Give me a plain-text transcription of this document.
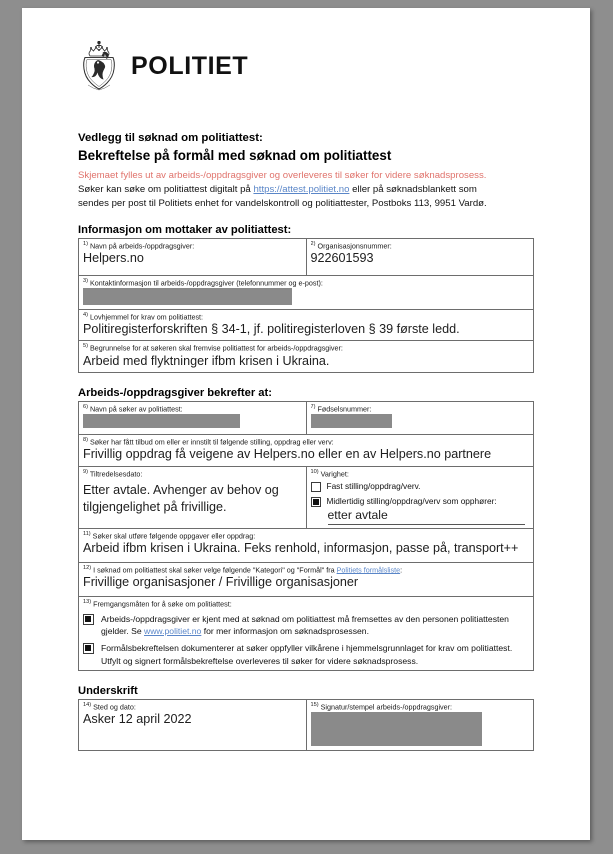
POLITIET
Vedlegg til søknad om politiattest:
Bekreftelse på formål med søknad om politiattest
Skjemaet fylles ut av arbeids-/oppdragsgiver og overleveres til søker for videre søknadsprosess.
Søker kan søke om politiattest digitalt på https://attest.politiet.no eller på søknadsblankett som
sendes per post til Politiets enhet for vandelskontroll og politiattester, Postboks 113, 9951 Vardø.
Informasjon om mottaker av politiattest:
$^{1)}$ Navn på arbeids-/oppdragsgiver:
Helpers.no

$^{2)}$ Organisasjonsnummer:
922601593

$^{3)}$ Kontaktinformasjon til arbeids-/oppdragsgiver (telefonnummer og e-post):

$^{4)}$ Lovhjemmel for krav om politiattest:
Politiregisterforskriften § 34-1, jf. politiregisterloven § 39 første ledd.

$^{5)}$ Begrunnelse for at søkeren skal fremvise politiattest for arbeids-/oppdragsgiver:
Arbeid med flyktninger ifbm krisen i Ukraina.
Arbeids-/oppdragsgiver bekrefter at:
$^{6)}$ Navn på søker av politiattest:	$^{7)}$ Fødselsnummer:

$^{8)}$ Søker har fått tilbud om eller er innstilt til følgende stilling, oppdrag eller verv:
Frivillig oppdrag få veigene av Helpers.no eller en av Helpers.no partnere	

$^{9)}$ Tiltredelsesdato:
Etter avtale. Avhenger av behov og
tilgjengelighet på frivillige.

$^{10)}$ Varighet:
Fast stilling/oppdrag/verv.
Midlertidig stilling/oppdrag/verv som opphører:
etter avtale

$^{11)}$ Søker skal utføre følgende oppgaver eller oppdrag:
Arbeid ifbm krisen i Ukraina. Feks renhold, informasjon, passe på, transport++	

$^{12)}$ I søknad om politiattest skal søker velge følgende "Kategori" og "Formål" fra Politiets formålsliste:
Frivillige organisasjoner / Frivillige organisasjoner	

$^{13)}$ Fremgangsmåten for å søke om politiattest:
Arbeids-/oppdragsgiver er kjent med at søknad om politiattest må fremsettes av den personen politiattesten gjelder. Se www.politiet.no for mer informasjon om søknadsprosessen.
Formålsbekreftelsen dokumenterer at søker oppfyller vilkårene i hjemmelsgrunnlaget for krav om politiattest. Utfylt og signert formålsbekreftelse overleveres til søker for videre søknadsprosess.	
Underskrift
$^{14)}$ Sted og dato:
Asker 12 april 2022

$^{15)}$ Signatur/stempel arbeids-/oppdragsgiver:
